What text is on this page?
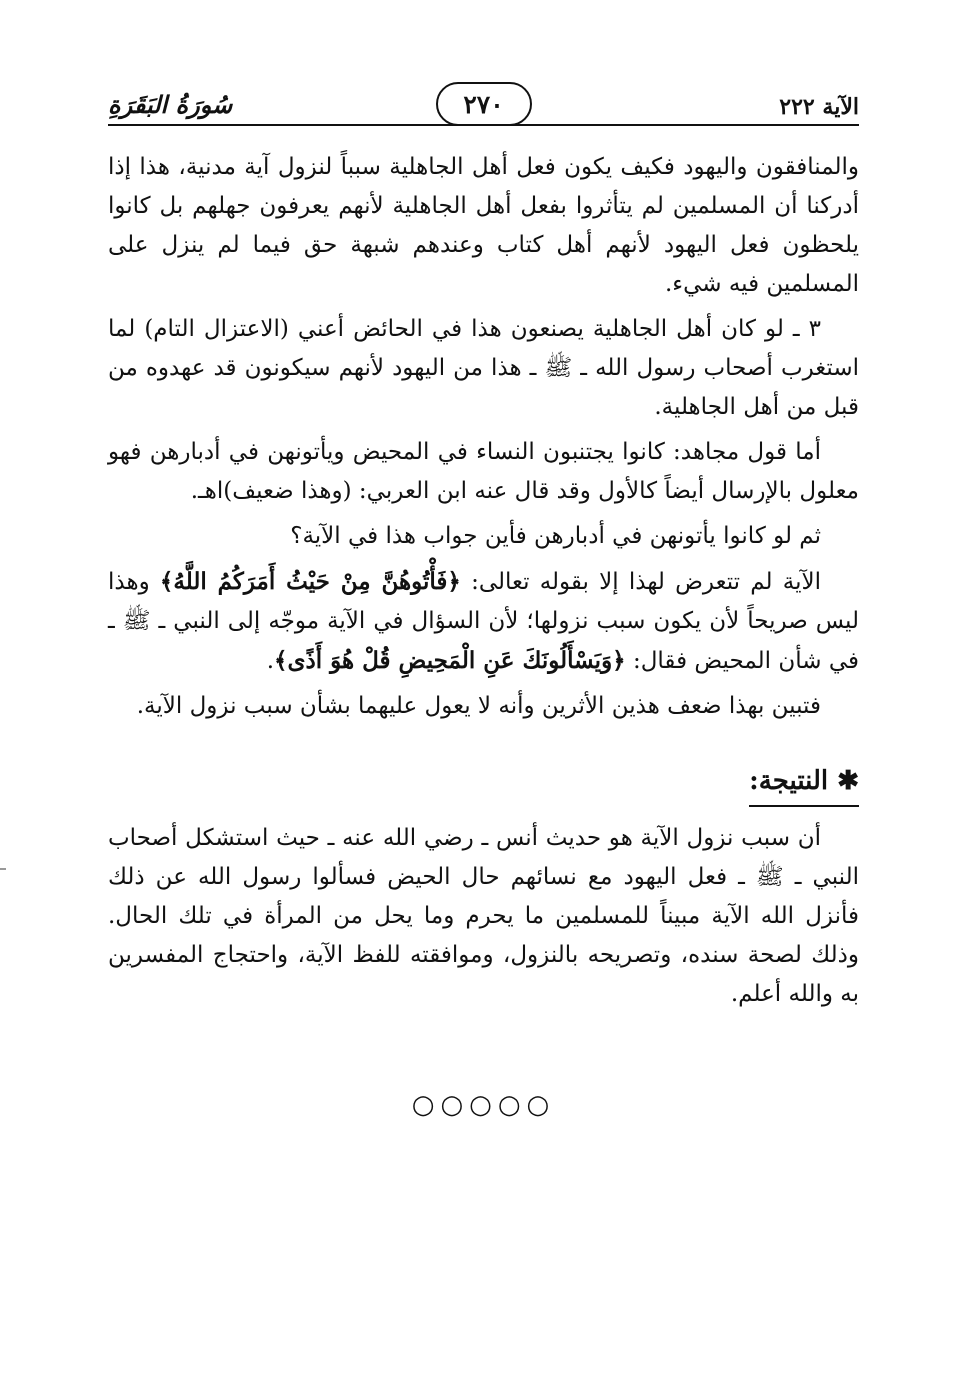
الآية ٢٢٢
٢٧٠
سُورَةُ البَقَرَةِ

والمنافقون واليهود فكيف يكون فعل أهل الجاهلية سبباً لنزول آية مدنية، هذا إذا أدركنا أن المسلمين لم يتأثروا بفعل أهل الجاهلية لأنهم يعرفون جهلهم بل كانوا يلحظون فعل اليهود لأنهم أهل كتاب وعندهم شبهة حق فيما لم ينزل على المسلمين فيه شيء.

٣ ـ لو كان أهل الجاهلية يصنعون هذا في الحائض أعني (الاعتزال التام) لما استغرب أصحاب رسول الله ـ ﷺ ـ هذا من اليهود لأنهم سيكونون قد عهدوه من قبل من أهل الجاهلية.

أما قول مجاهد: كانوا يجتنبون النساء في المحيض ويأتونهن في أدبارهن فهو معلول بالإرسال أيضاً كالأول وقد قال عنه ابن العربي: (وهذا ضعيف)اهـ.

ثم لو كانوا يأتونهن في أدبارهن فأين جواب هذا في الآية؟

الآية لم تتعرض لهذا إلا بقوله تعالى: ﴿فَأْتُوهُنَّ مِنْ حَيْثُ أَمَرَكُمُ اللَّهُ﴾ وهذا ليس صريحاً لأن يكون سبب نزولها؛ لأن السؤال في الآية موجّه إلى النبي ـ ﷺ ـ في شأن المحيض فقال: ﴿وَيَسْأَلُونَكَ عَنِ الْمَحِيضِ قُلْ هُوَ أَذًى﴾.

فتبين بهذا ضعف هذين الأثرين وأنه لا يعول عليهما بشأن سبب نزول الآية.

✱ النتيجة:

أن سبب نزول الآية هو حديث أنس ـ رضي الله عنه ـ حيث استشكل أصحاب النبي ـ ﷺ ـ فعل اليهود مع نسائهم حال الحيض فسألوا رسول الله عن ذلك فأنزل الله الآية مبيناً للمسلمين ما يحرم وما يحل من المرأة في تلك الحال. وذلك لصحة سنده، وتصريحه بالنزول، وموافقته للفظ الآية، واحتجاج المفسرين به والله أعلم.

○○○○○
